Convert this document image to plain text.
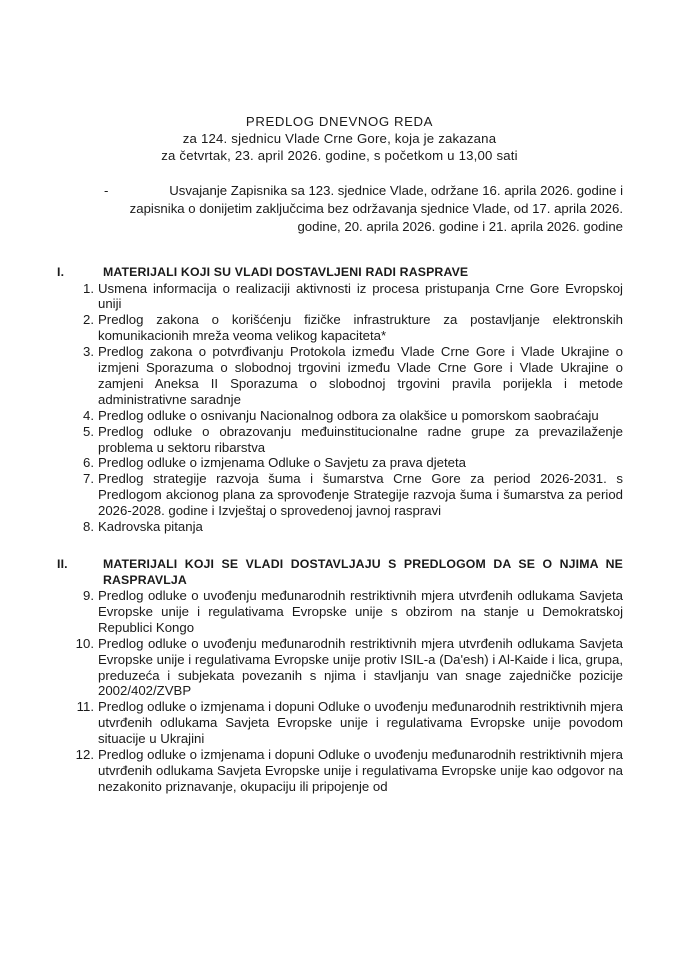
PREDLOG DNEVNOG REDA
za 124. sjednicu Vlade Crne Gore, koja je zakazana
za četvrtak, 23. april 2026. godine, s početkom u 13,00 sati
-	Usvajanje Zapisnika sa 123. sjednice Vlade, održane 16. aprila 2026. godine i zapisnika o donijetim zaključcima bez održavanja sjednice Vlade, od 17. aprila 2026. godine, 20. aprila 2026. godine i 21. aprila 2026. godine
I.	MATERIJALI KOJI SU VLADI DOSTAVLJENI RADI RASPRAVE
1. Usmena informacija o realizaciji aktivnosti iz procesa pristupanja Crne Gore Evropskoj uniji
2. Predlog zakona o korišćenju fizičke infrastrukture za postavljanje elektronskih komunikacionih mreža veoma velikog kapaciteta*
3. Predlog zakona o potvrđivanju Protokola između Vlade Crne Gore i Vlade Ukrajine o izmjeni Sporazuma o slobodnoj trgovini između Vlade Crne Gore i Vlade Ukrajine o zamjeni Aneksa II Sporazuma o slobodnoj trgovini pravila porijekla i metode administrativne saradnje
4. Predlog odluke o osnivanju Nacionalnog odbora za olakšice u pomorskom saobraćaju
5. Predlog odluke o obrazovanju međuinstitucionalne radne grupe za prevazilaženje problema u sektoru ribarstva
6. Predlog odluke o izmjenama Odluke o Savjetu za prava djeteta
7. Predlog strategije razvoja šuma i šumarstva Crne Gore za period 2026-2031. s Predlogom akcionog plana za sprovođenje Strategije razvoja šuma i šumarstva za period 2026-2028. godine i Izvještaj o sprovedenoj javnoj raspravi
8. Kadrovska pitanja
II.	MATERIJALI KOJI SE VLADI DOSTAVLJAJU S PREDLOGOM DA SE O NJIMA NE RASPRAVLJA
9. Predlog odluke o uvođenju međunarodnih restriktivnih mjera utvrđenih odlukama Savjeta Evropske unije i regulativama Evropske unije s obzirom na stanje u Demokratskoj Republici Kongo
10. Predlog odluke o uvođenju međunarodnih restriktivnih mjera utvrđenih odlukama Savjeta Evropske unije i regulativama Evropske unije protiv ISIL-a (Da'esh) i Al-Kaide i lica, grupa, preduzeća i subjekata povezanih s njima i stavljanju van snage zajedničke pozicije 2002/402/ZVBP
11. Predlog odluke o izmjenama i dopuni Odluke o uvođenju međunarodnih restriktivnih mjera utvrđenih odlukama Savjeta Evropske unije i regulativama Evropske unije povodom situacije u Ukrajini
12. Predlog odluke o izmjenama i dopuni Odluke o uvođenju međunarodnih restriktivnih mjera utvrđenih odlukama Savjeta Evropske unije i regulativama Evropske unije kao odgovor na nezakonito priznavanje, okupaciju ili pripojenje od
